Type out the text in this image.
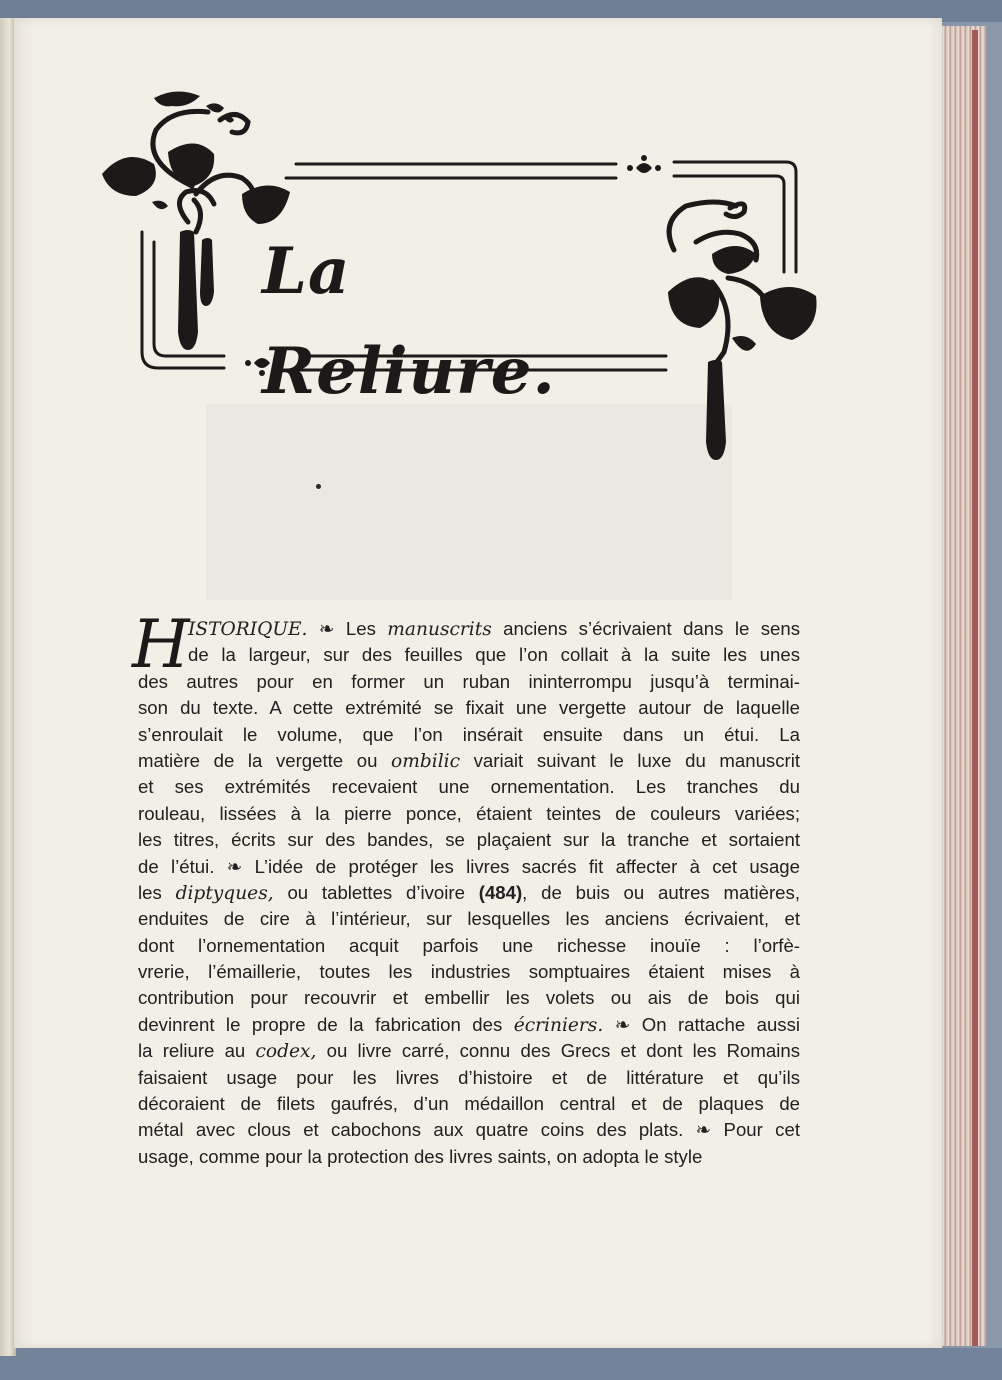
La Reliure.
H
ISTORIQUE. ❧ Les manuscrits anciens s’écrivaient dans le sens
de la largeur, sur des feuilles que l’on collait à la suite les unes
des autres pour en former un ruban ininterrompu jusqu’à terminai-
son du texte. A cette extrémité se fixait une vergette autour de laquelle
s’enroulait le volume, que l’on insérait ensuite dans un étui. La
matière de la vergette ou ombilic variait suivant le luxe du manuscrit
et ses extrémités recevaient une ornementation. Les tranches du
rouleau, lissées à la pierre ponce, étaient teintes de couleurs variées;
les titres, écrits sur des bandes, se plaçaient sur la tranche et sortaient
de l’étui. ❧ L’idée de protéger les livres sacrés fit affecter à cet usage
les diptyques, ou tablettes d’ivoire (484), de buis ou autres matières,
enduites de cire à l’intérieur, sur lesquelles les anciens écrivaient, et
dont l’ornementation acquit parfois une richesse inouïe : l’orfè-
vrerie, l’émaillerie, toutes les industries somptuaires étaient mises à
contribution pour recouvrir et embellir les volets ou ais de bois qui
devinrent le propre de la fabrication des écriniers. ❧ On rattache aussi
la reliure au codex, ou livre carré, connu des Grecs et dont les Romains
faisaient usage pour les livres d’histoire et de littérature et qu’ils
décoraient de filets gaufrés, d’un médaillon central et de plaques de
métal avec clous et cabochons aux quatre coins des plats. ❧ Pour cet
usage, comme pour la protection des livres saints, on adopta le style
